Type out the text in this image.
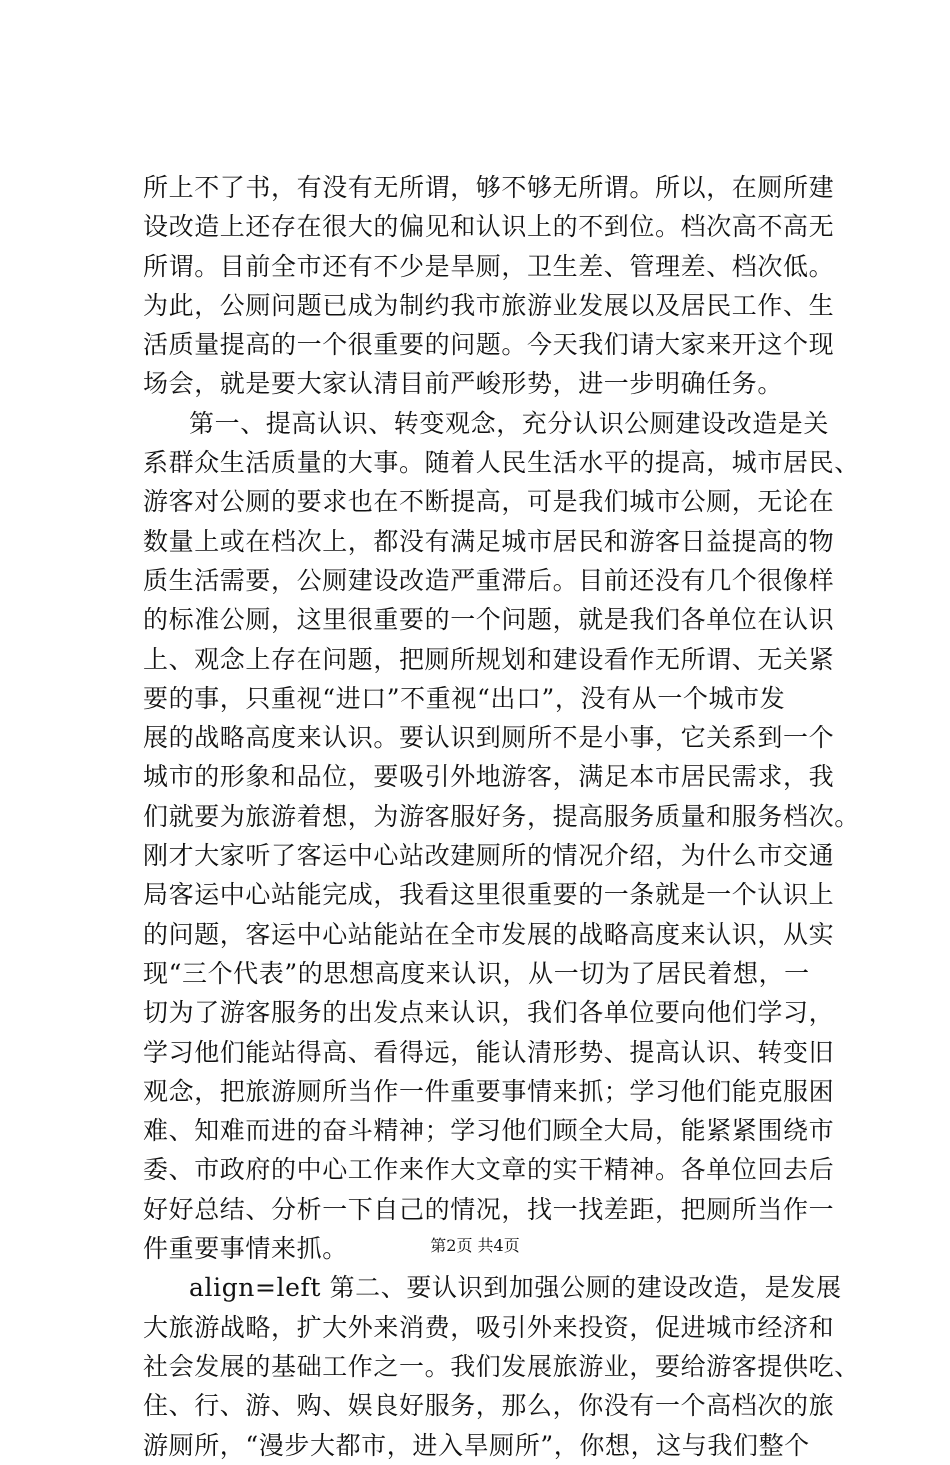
所上不了书，有没有无所谓，够不够无所谓。所以，在厕所建
设改造上还存在很大的偏见和认识上的不到位。档次高不高无
所谓。目前全市还有不少是旱厕，卫生差、管理差、档次低。
为此，公厕问题已成为制约我市旅游业发展以及居民工作、生
活质量提高的一个很重要的问题。今天我们请大家来开这个现
场会，就是要大家认清目前严峻形势，进一步明确任务。
第一、提高认识、转变观念，充分认识公厕建设改造是关
系群众生活质量的大事。随着人民生活水平的提高，城市居民、
游客对公厕的要求也在不断提高，可是我们城市公厕，无论在
数量上或在档次上，都没有满足城市居民和游客日益提高的物
质生活需要，公厕建设改造严重滞后。目前还没有几个很像样
的标准公厕，这里很重要的一个问题，就是我们各单位在认识
上、观念上存在问题，把厕所规划和建设看作无所谓、无关紧
要的事，只重视“进口”不重视“出口”，没有从一个城市发
展的战略高度来认识。要认识到厕所不是小事，它关系到一个
城市的形象和品位，要吸引外地游客，满足本市居民需求，我
们就要为旅游着想，为游客服好务，提高服务质量和服务档次。
刚才大家听了客运中心站改建厕所的情况介绍，为什么市交通
局客运中心站能完成，我看这里很重要的一条就是一个认识上
的问题，客运中心站能站在全市发展的战略高度来认识，从实
现“三个代表”的思想高度来认识，从一切为了居民着想，一
切为了游客服务的出发点来认识，我们各单位要向他们学习，
学习他们能站得高、看得远，能认清形势、提高认识、转变旧
观念，把旅游厕所当作一件重要事情来抓；学习他们能克服困
难、知难而进的奋斗精神；学习他们顾全大局，能紧紧围绕市
委、市政府的中心工作来作大文章的实干精神。各单位回去后
好好总结、分析一下自己的情况，找一找差距，把厕所当作一
件重要事情来抓。
align=left 第二、要认识到加强公厕的建设改造，是发展
大旅游战略，扩大外来消费，吸引外来投资，促进城市经济和
社会发展的基础工作之一。我们发展旅游业，要给游客提供吃、
住、行、游、购、娱良好服务，那么，你没有一个高档次的旅
游厕所，“漫步大都市，进入旱厕所”，你想，这与我们整个
第2页 共4页
